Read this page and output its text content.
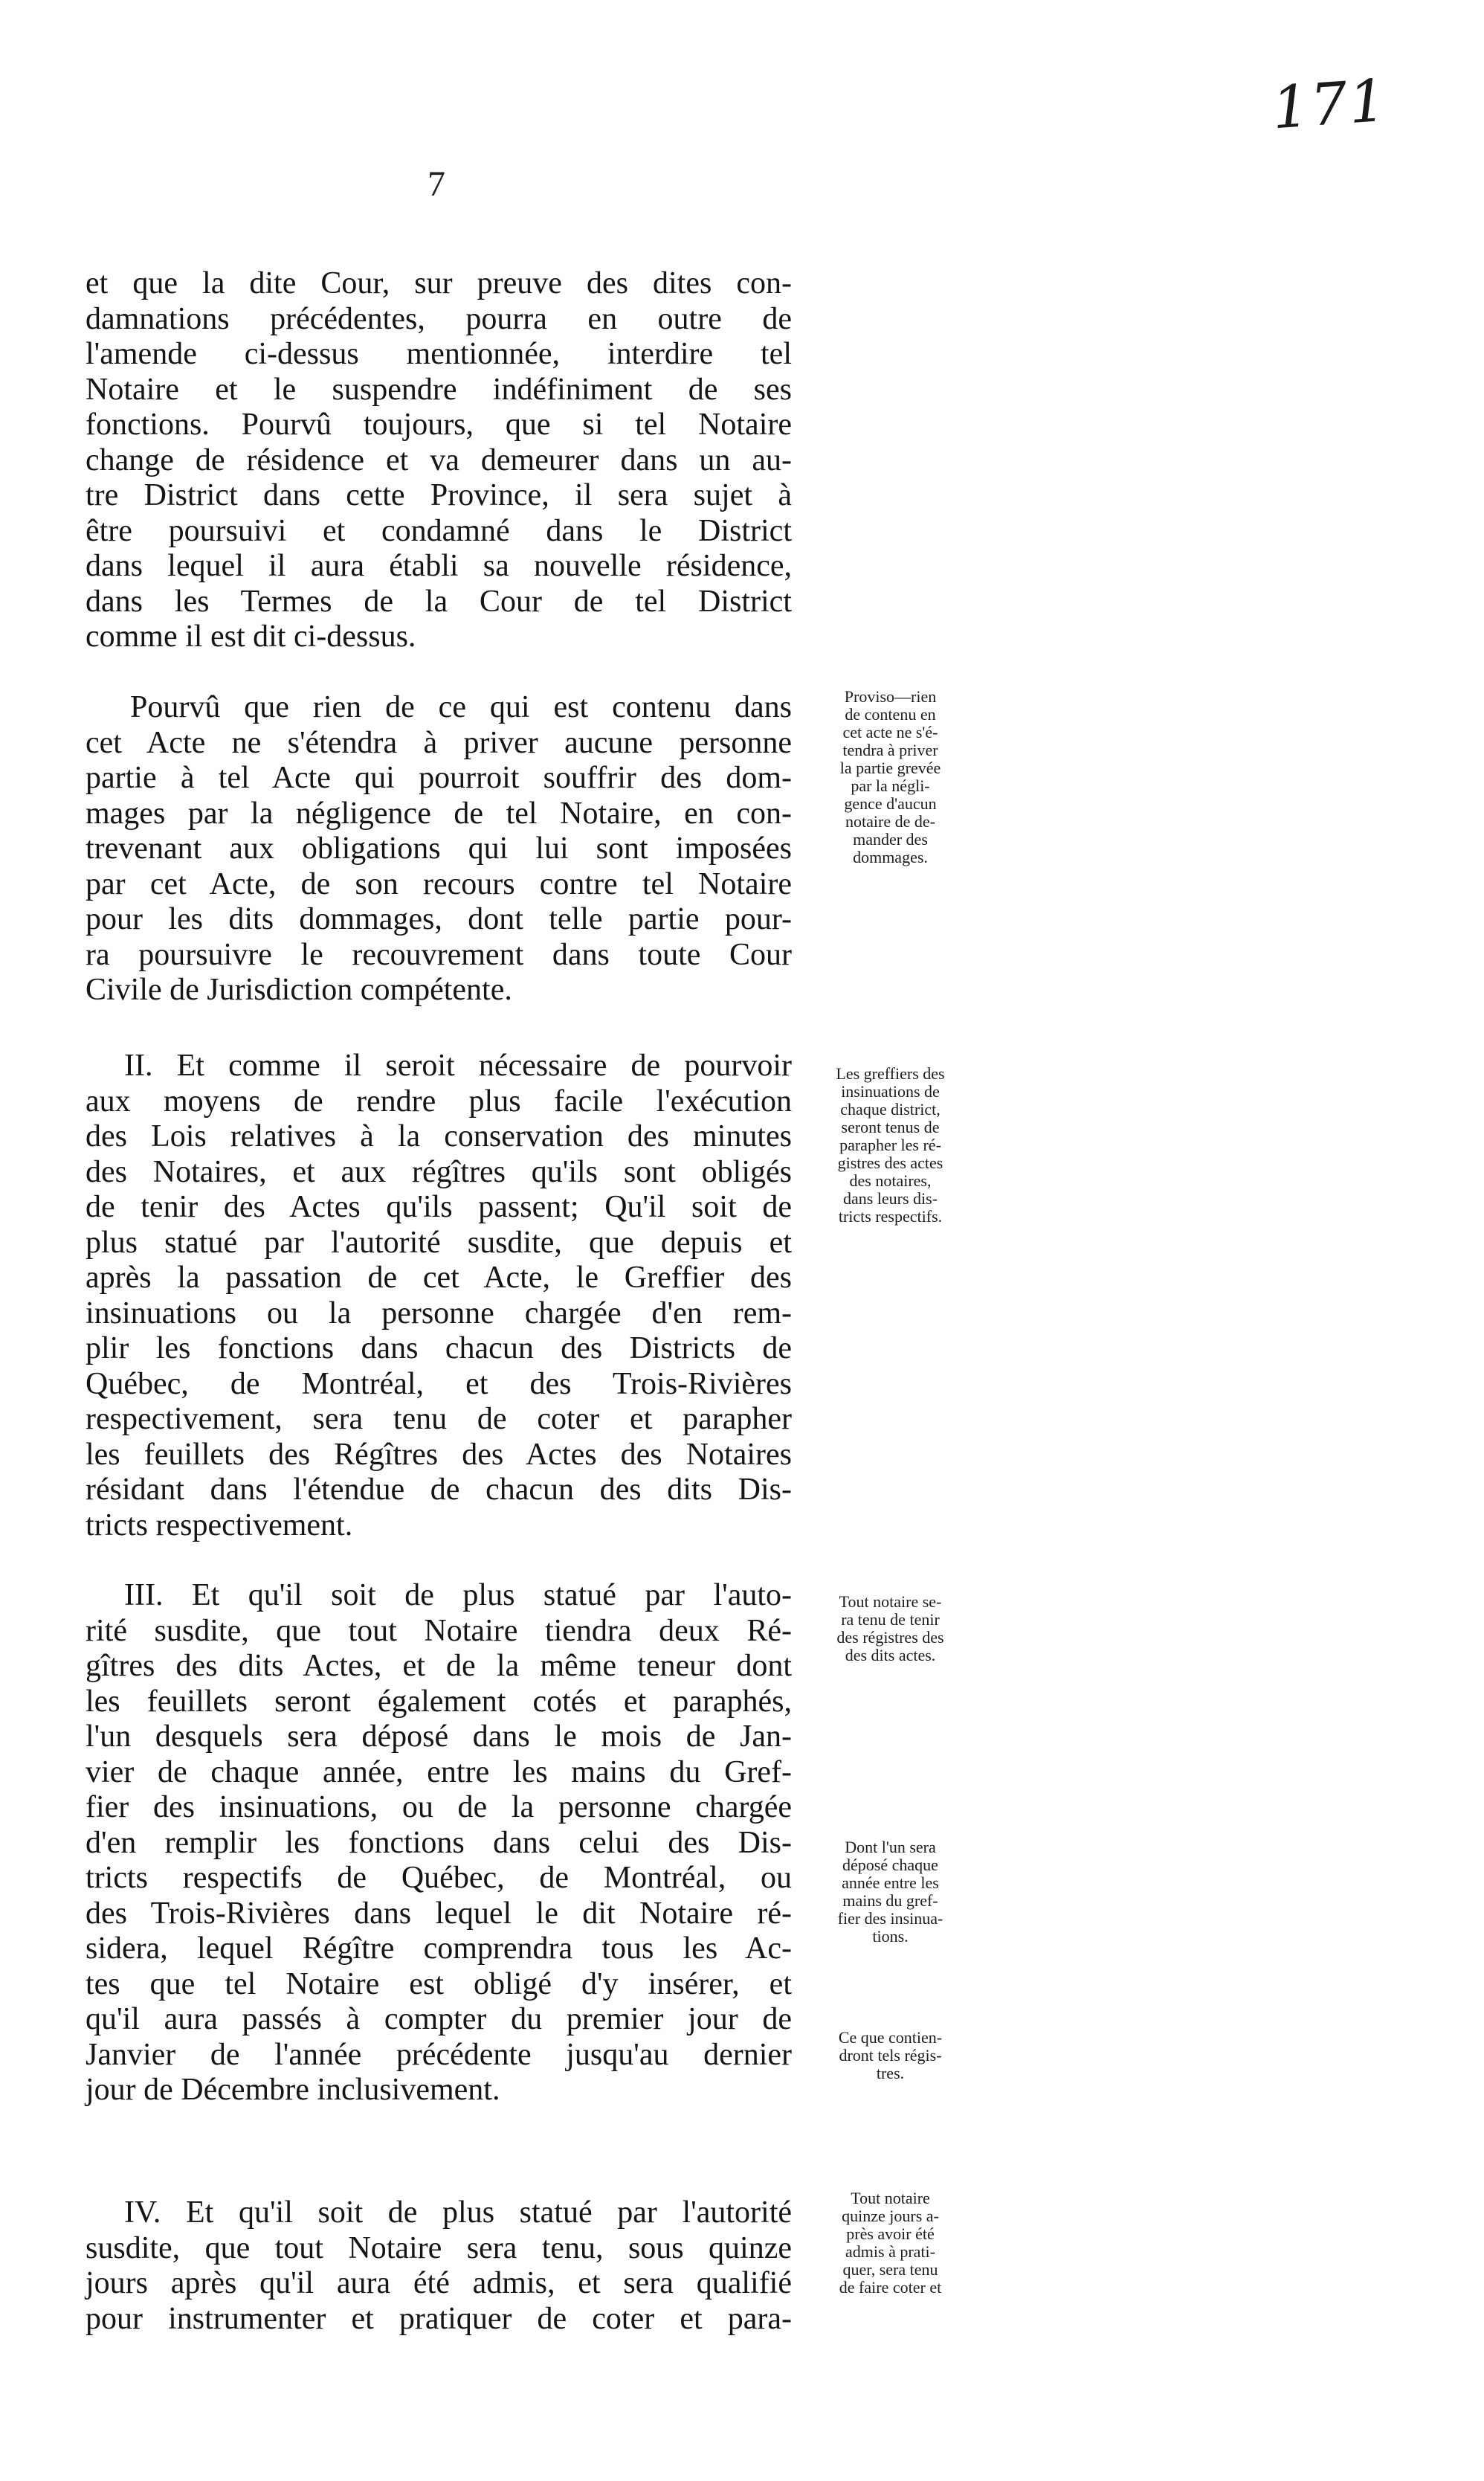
171
7
et que la dite Cour, sur preuve des dites con-
damnations précédentes, pourra en outre de
l'amende ci-dessus mentionnée, interdire tel
Notaire et le suspendre indéfiniment de ses
fonctions. Pourvû toujours, que si tel Notaire
change de résidence et va demeurer dans un au-
tre District dans cette Province, il sera sujet à
être poursuivi et condamné dans le District
dans lequel il aura établi sa nouvelle résidence,
dans les Termes de la Cour de tel District
comme il est dit ci-dessus.
Pourvû que rien de ce qui est contenu dans
cet Acte ne s'étendra à priver aucune personne
partie à tel Acte qui pourroit souffrir des dom-
mages par la négligence de tel Notaire, en con-
trevenant aux obligations qui lui sont imposées
par cet Acte, de son recours contre tel Notaire
pour les dits dommages, dont telle partie pour-
ra poursuivre le recouvrement dans toute Cour
Civile de Jurisdiction compétente.
Proviso—rien
de contenu en
cet acte ne s'é-
tendra à priver
la partie grevée
par la négli-
gence d'aucun
notaire de de-
mander des
dommages.
II. Et comme il seroit nécessaire de pourvoir
aux moyens de rendre plus facile l'exécution
des Lois relatives à la conservation des minutes
des Notaires, et aux régîtres qu'ils sont obligés
de tenir des Actes qu'ils passent; Qu'il soit de
plus statué par l'autorité susdite, que depuis et
après la passation de cet Acte, le Greffier des
insinuations ou la personne chargée d'en rem-
plir les fonctions dans chacun des Districts de
Québec, de Montréal, et des Trois-Rivières
respectivement, sera tenu de coter et parapher
les feuillets des Régîtres des Actes des Notaires
résidant dans l'étendue de chacun des dits Dis-
tricts respectivement.
Les greffiers des
insinuations de
chaque district,
seront tenus de
parapher les ré-
gistres des actes
des notaires,
dans leurs dis-
tricts respectifs.
III. Et qu'il soit de plus statué par l'auto-
rité susdite, que tout Notaire tiendra deux Ré-
gîtres des dits Actes, et de la même teneur dont
les feuillets seront également cotés et paraphés,
l'un desquels sera déposé dans le mois de Jan-
vier de chaque année, entre les mains du Gref-
fier des insinuations, ou de la personne chargée
d'en remplir les fonctions dans celui des Dis-
tricts respectifs de Québec, de Montréal, ou
des Trois-Rivières dans lequel le dit Notaire ré-
sidera, lequel Régître comprendra tous les Ac-
tes que tel Notaire est obligé d'y insérer, et
qu'il aura passés à compter du premier jour de
Janvier de l'année précédente jusqu'au dernier
jour de Décembre inclusivement.
Tout notaire se-
ra tenu de tenir
des régistres des
des dits actes.
Dont l'un sera
déposé chaque
année entre les
mains du gref-
fier des insinua-
tions.
Ce que contien-
dront tels régis-
tres.
IV. Et qu'il soit de plus statué par l'autorité
susdite, que tout Notaire sera tenu, sous quinze
jours après qu'il aura été admis, et sera qualifié
pour instrumenter et pratiquer de coter et para-
Tout notaire
quinze jours a-
près avoir été
admis à prati-
quer, sera tenu
de faire coter et
